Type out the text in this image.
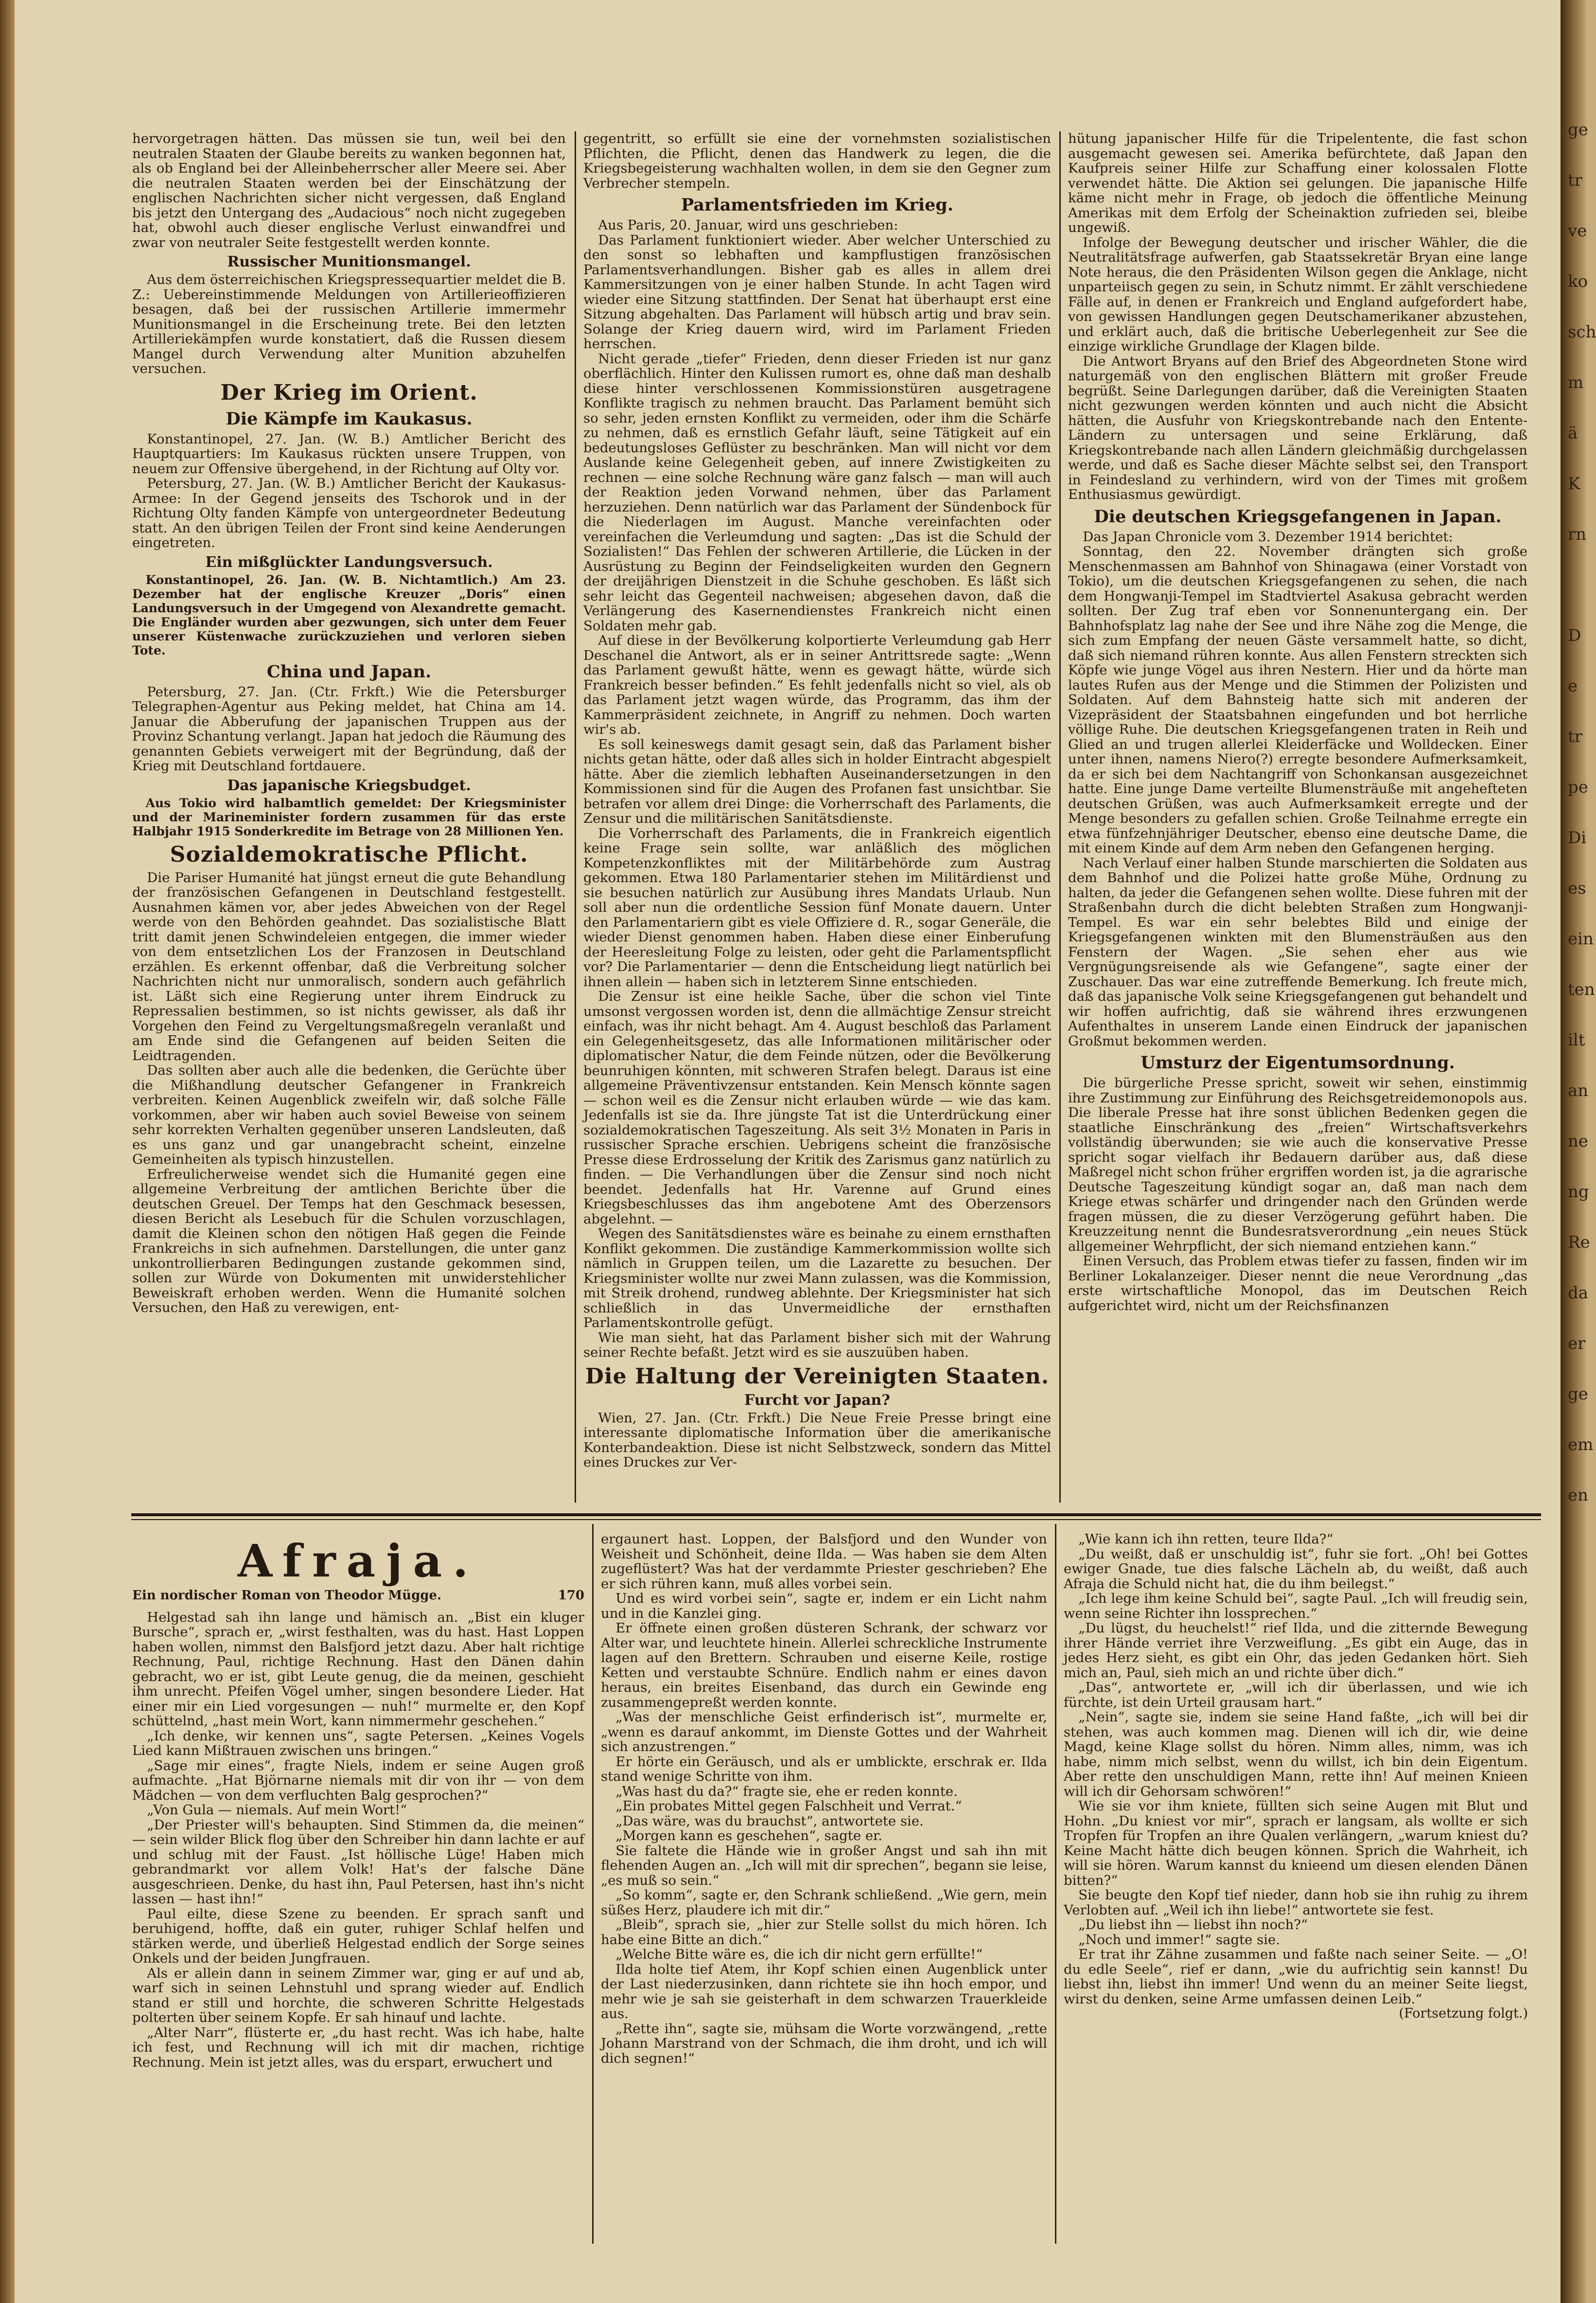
ge
tr
ve
ko
sch
m
ä
K
rn
D
e
tr
pe
Di
es
ein
ten
ilt
an
ne
ng
Re
da
er
ge
em
en

hervorgetragen hätten. Das müssen sie tun, weil bei den neutralen Staaten der Glaube bereits zu wanken begonnen hat, als ob England bei der Alleinbeherrscher aller Meere sei. Aber die neutralen Staaten werden bei der Einschätzung der englischen Nachrichten sicher nicht vergessen, daß England bis jetzt den Untergang des „Audacious“ noch nicht zugegeben hat, obwohl auch dieser englische Verlust einwandfrei und zwar von neutraler Seite festgestellt werden konnte.

Russischer Munitionsmangel.

Aus dem österreichischen Kriegspressequartier meldet die B. Z.: Uebereinstimmende Meldungen von Artillerieoffizieren besagen, daß bei der russischen Artillerie immermehr Munitionsmangel in die Erscheinung trete. Bei den letzten Artilleriekämpfen wurde konstatiert, daß die Russen diesem Mangel durch Verwendung alter Munition abzuhelfen versuchen.

Der Krieg im Orient.
Die Kämpfe im Kaukasus.

Konstantinopel, 27. Jan. (W. B.) Amtlicher Bericht des Hauptquartiers: Im Kaukasus rückten unsere Truppen, von neuem zur Offensive übergehend, in der Richtung auf Olty vor.

Petersburg, 27. Jan. (W. B.) Amtlicher Bericht der Kaukasus-Armee: In der Gegend jenseits des Tschorok und in der Richtung Olty fanden Kämpfe von untergeordneter Bedeutung statt. An den übrigen Teilen der Front sind keine Aenderungen eingetreten.

Ein mißglückter Landungsversuch.

Konstantinopel, 26. Jan. (W. B. Nichtamtlich.) Am 23. Dezember hat der englische Kreuzer „Doris“ einen Landungsversuch in der Umgegend von Alexandrette gemacht. Die Engländer wurden aber gezwungen, sich unter dem Feuer unserer Küstenwache zurückzuziehen und verloren sieben Tote.

China und Japan.

Petersburg, 27. Jan. (Ctr. Frkft.) Wie die Petersburger Telegraphen-Agentur aus Peking meldet, hat China am 14. Januar die Abberufung der japanischen Truppen aus der Provinz Schantung verlangt. Japan hat jedoch die Räumung des genannten Gebiets verweigert mit der Begründung, daß der Krieg mit Deutschland fortdauere.

Das japanische Kriegsbudget.

Aus Tokio wird halbamtlich gemeldet: Der Kriegsminister und der Marineminister fordern zusammen für das erste Halbjahr 1915 Sonderkredite im Betrage von 28 Millionen Yen.

Sozialdemokratische Pflicht.

Die Pariser Humanité hat jüngst erneut die gute Behandlung der französischen Gefangenen in Deutschland festgestellt. Ausnahmen kämen vor, aber jedes Abweichen von der Regel werde von den Behörden geahndet. Das sozialistische Blatt tritt damit jenen Schwindeleien entgegen, die immer wieder von dem entsetzlichen Los der Franzosen in Deutschland erzählen. Es erkennt offenbar, daß die Verbreitung solcher Nachrichten nicht nur unmoralisch, sondern auch gefährlich ist. Läßt sich eine Regierung unter ihrem Eindruck zu Repressalien bestimmen, so ist nichts gewisser, als daß ihr Vorgehen den Feind zu Vergeltungsmaßregeln veranlaßt und am Ende sind die Gefangenen auf beiden Seiten die Leidtragenden.

Das sollten aber auch alle die bedenken, die Gerüchte über die Mißhandlung deutscher Gefangener in Frankreich verbreiten. Keinen Augenblick zweifeln wir, daß solche Fälle vorkommen, aber wir haben auch soviel Beweise von seinem sehr korrekten Verhalten gegenüber unseren Landsleuten, daß es uns ganz und gar unangebracht scheint, einzelne Gemeinheiten als typisch hinzustellen.

Erfreulicherweise wendet sich die Humanité gegen eine allgemeine Verbreitung der amtlichen Berichte über die deutschen Greuel. Der Temps hat den Geschmack besessen, diesen Bericht als Lesebuch für die Schulen vorzuschlagen, damit die Kleinen schon den nötigen Haß gegen die Feinde Frankreichs in sich aufnehmen. Darstellungen, die unter ganz unkontrollierbaren Bedingungen zustande gekommen sind, sollen zur Würde von Dokumenten mit unwiderstehlicher Beweiskraft erhoben werden. Wenn die Humanité solchen Versuchen, den Haß zu verewigen, ent-

gegentritt, so erfüllt sie eine der vornehmsten sozialistischen Pflichten, die Pflicht, denen das Handwerk zu legen, die die Kriegsbegeisterung wachhalten wollen, in dem sie den Gegner zum Verbrecher stempeln.

Parlamentsfrieden im Krieg.

Aus Paris, 20. Januar, wird uns geschrieben:

Das Parlament funktioniert wieder. Aber welcher Unterschied zu den sonst so lebhaften und kampflustigen französischen Parlamentsverhandlungen. Bisher gab es alles in allem drei Kammersitzungen von je einer halben Stunde. In acht Tagen wird wieder eine Sitzung stattfinden. Der Senat hat überhaupt erst eine Sitzung abgehalten. Das Parlament will hübsch artig und brav sein. Solange der Krieg dauern wird, wird im Parlament Frieden herrschen.

Nicht gerade „tiefer“ Frieden, denn dieser Frieden ist nur ganz oberflächlich. Hinter den Kulissen rumort es, ohne daß man deshalb diese hinter verschlossenen Kommissionstüren ausgetragene Konflikte tragisch zu nehmen braucht. Das Parlament bemüht sich so sehr, jeden ernsten Konflikt zu vermeiden, oder ihm die Schärfe zu nehmen, daß es ernstlich Gefahr läuft, seine Tätigkeit auf ein bedeutungsloses Geflüster zu beschränken. Man will nicht vor dem Auslande keine Gelegenheit geben, auf innere Zwistigkeiten zu rechnen — eine solche Rechnung wäre ganz falsch — man will auch der Reaktion jeden Vorwand nehmen, über das Parlament herzuziehen. Denn natürlich war das Parlament der Sündenbock für die Niederlagen im August. Manche vereinfachten oder vereinfachen die Verleumdung und sagten: „Das ist die Schuld der Sozialisten!“ Das Fehlen der schweren Artillerie, die Lücken in der Ausrüstung zu Beginn der Feindseligkeiten wurden den Gegnern der dreijährigen Dienstzeit in die Schuhe geschoben. Es läßt sich sehr leicht das Gegenteil nachweisen; abgesehen davon, daß die Verlängerung des Kasernendienstes Frankreich nicht einen Soldaten mehr gab.

Auf diese in der Bevölkerung kolportierte Verleumdung gab Herr Deschanel die Antwort, als er in seiner Antrittsrede sagte: „Wenn das Parlament gewußt hätte, wenn es gewagt hätte, würde sich Frankreich besser befinden.“ Es fehlt jedenfalls nicht so viel, als ob das Parlament jetzt wagen würde, das Programm, das ihm der Kammerpräsident zeichnete, in Angriff zu nehmen. Doch warten wir's ab.

Es soll keineswegs damit gesagt sein, daß das Parlament bisher nichts getan hätte, oder daß alles sich in holder Eintracht abgespielt hätte. Aber die ziemlich lebhaften Auseinandersetzungen in den Kommissionen sind für die Augen des Profanen fast unsichtbar. Sie betrafen vor allem drei Dinge: die Vorherrschaft des Parlaments, die Zensur und die militärischen Sanitätsdienste.

Die Vorherrschaft des Parlaments, die in Frankreich eigentlich keine Frage sein sollte, war anläßlich des möglichen Kompetenzkonfliktes mit der Militärbehörde zum Austrag gekommen. Etwa 180 Parlamentarier stehen im Militärdienst und sie besuchen natürlich zur Ausübung ihres Mandats Urlaub. Nun soll aber nun die ordentliche Session fünf Monate dauern. Unter den Parlamentariern gibt es viele Offiziere d. R., sogar Generäle, die wieder Dienst genommen haben. Haben diese einer Einberufung der Heeresleitung Folge zu leisten, oder geht die Parlamentspflicht vor? Die Parlamentarier — denn die Entscheidung liegt natürlich bei ihnen allein — haben sich in letzterem Sinne entschieden.

Die Zensur ist eine heikle Sache, über die schon viel Tinte umsonst vergossen worden ist, denn die allmächtige Zensur streicht einfach, was ihr nicht behagt. Am 4. August beschloß das Parlament ein Gelegenheitsgesetz, das alle Informationen militärischer oder diplomatischer Natur, die dem Feinde nützen, oder die Bevölkerung beunruhigen könnten, mit schweren Strafen belegt. Daraus ist eine allgemeine Präventivzensur entstanden. Kein Mensch könnte sagen — schon weil es die Zensur nicht erlauben würde — wie das kam. Jedenfalls ist sie da. Ihre jüngste Tat ist die Unterdrückung einer sozialdemokratischen Tageszeitung. Als seit 3½ Monaten in Paris in russischer Sprache erschien. Uebrigens scheint die französische Presse diese Erdrosselung der Kritik des Zarismus ganz natürlich zu finden. — Die Verhandlungen über die Zensur sind noch nicht beendet. Jedenfalls hat Hr. Varenne auf Grund eines Kriegsbeschlusses das ihm angebotene Amt des Oberzensors abgelehnt. —

Wegen des Sanitätsdienstes wäre es beinahe zu einem ernsthaften Konflikt gekommen. Die zuständige Kammerkommission wollte sich nämlich in Gruppen teilen, um die Lazarette zu besuchen. Der Kriegsminister wollte nur zwei Mann zulassen, was die Kommission, mit Streik drohend, rundweg ablehnte. Der Kriegsminister hat sich schließlich in das Unvermeidliche der ernsthaften Parlamentskontrolle gefügt.

Wie man sieht, hat das Parlament bisher sich mit der Wahrung seiner Rechte befaßt. Jetzt wird es sie auszuüben haben.

Die Haltung der Vereinigten Staaten.
Furcht vor Japan?

Wien, 27. Jan. (Ctr. Frkft.) Die Neue Freie Presse bringt eine interessante diplomatische Information über die amerikanische Konterbandeaktion. Diese ist nicht Selbstzweck, sondern das Mittel eines Druckes zur Ver-

hütung japanischer Hilfe für die Tripelentente, die fast schon ausgemacht gewesen sei. Amerika befürchtete, daß Japan den Kaufpreis seiner Hilfe zur Schaffung einer kolossalen Flotte verwendet hätte. Die Aktion sei gelungen. Die japanische Hilfe käme nicht mehr in Frage, ob jedoch die öffentliche Meinung Amerikas mit dem Erfolg der Scheinaktion zufrieden sei, bleibe ungewiß.

Infolge der Bewegung deutscher und irischer Wähler, die die Neutralitätsfrage aufwerfen, gab Staatssekretär Bryan eine lange Note heraus, die den Präsidenten Wilson gegen die Anklage, nicht unparteiisch gegen zu sein, in Schutz nimmt. Er zählt verschiedene Fälle auf, in denen er Frankreich und England aufgefordert habe, von gewissen Handlungen gegen Deutschamerikaner abzustehen, und erklärt auch, daß die britische Ueberlegenheit zur See die einzige wirkliche Grundlage der Klagen bilde.

Die Antwort Bryans auf den Brief des Abgeordneten Stone wird naturgemäß von den englischen Blättern mit großer Freude begrüßt. Seine Darlegungen darüber, daß die Vereinigten Staaten nicht gezwungen werden könnten und auch nicht die Absicht hätten, die Ausfuhr von Kriegskontrebande nach den Entente-Ländern zu untersagen und seine Erklärung, daß Kriegskontrebande nach allen Ländern gleichmäßig durchgelassen werde, und daß es Sache dieser Mächte selbst sei, den Transport in Feindesland zu verhindern, wird von der Times mit großem Enthusiasmus gewürdigt.

Die deutschen Kriegsgefangenen in Japan.

Das Japan Chronicle vom 3. Dezember 1914 berichtet:

Sonntag, den 22. November drängten sich große Menschenmassen am Bahnhof von Shinagawa (einer Vorstadt von Tokio), um die deutschen Kriegsgefangenen zu sehen, die nach dem Hongwanji-Tempel im Stadtviertel Asakusa gebracht werden sollten. Der Zug traf eben vor Sonnenuntergang ein. Der Bahnhofsplatz lag nahe der See und ihre Nähe zog die Menge, die sich zum Empfang der neuen Gäste versammelt hatte, so dicht, daß sich niemand rühren konnte. Aus allen Fenstern streckten sich Köpfe wie junge Vögel aus ihren Nestern. Hier und da hörte man lautes Rufen aus der Menge und die Stimmen der Polizisten und Soldaten. Auf dem Bahnsteig hatte sich mit anderen der Vizepräsident der Staatsbahnen eingefunden und bot herrliche völlige Ruhe. Die deutschen Kriegsgefangenen traten in Reih und Glied an und trugen allerlei Kleiderfäcke und Wolldecken. Einer unter ihnen, namens Niero(?) erregte besondere Aufmerksamkeit, da er sich bei dem Nachtangriff von Schonkansan ausgezeichnet hatte. Eine junge Dame verteilte Blumensträuße mit angehefteten deutschen Grüßen, was auch Aufmerksamkeit erregte und der Menge besonders zu gefallen schien. Große Teilnahme erregte ein etwa fünfzehnjähriger Deutscher, ebenso eine deutsche Dame, die mit einem Kinde auf dem Arm neben den Gefangenen herging.

Nach Verlauf einer halben Stunde marschierten die Soldaten aus dem Bahnhof und die Polizei hatte große Mühe, Ordnung zu halten, da jeder die Gefangenen sehen wollte. Diese fuhren mit der Straßenbahn durch die dicht belebten Straßen zum Hongwanji-Tempel. Es war ein sehr belebtes Bild und einige der Kriegsgefangenen winkten mit den Blumensträußen aus den Fenstern der Wagen. „Sie sehen eher aus wie Vergnügungsreisende als wie Gefangene“, sagte einer der Zuschauer. Das war eine zutreffende Bemerkung. Ich freute mich, daß das japanische Volk seine Kriegsgefangenen gut behandelt und wir hoffen aufrichtig, daß sie während ihres erzwungenen Aufenthaltes in unserem Lande einen Eindruck der japanischen Großmut bekommen werden.

Umsturz der Eigentumsordnung.

Die bürgerliche Presse spricht, soweit wir sehen, einstimmig ihre Zustimmung zur Einführung des Reichsgetreidemonopols aus. Die liberale Presse hat ihre sonst üblichen Bedenken gegen die staatliche Einschränkung des „freien“ Wirtschaftsverkehrs vollständig überwunden; sie wie auch die konservative Presse spricht sogar vielfach ihr Bedauern darüber aus, daß diese Maßregel nicht schon früher ergriffen worden ist, ja die agrarische Deutsche Tageszeitung kündigt sogar an, daß man nach dem Kriege etwas schärfer und dringender nach den Gründen werde fragen müssen, die zu dieser Verzögerung geführt haben. Die Kreuzzeitung nennt die Bundesratsverordnung „ein neues Stück allgemeiner Wehrpflicht, der sich niemand entziehen kann.“

Einen Versuch, das Problem etwas tiefer zu fassen, finden wir im Berliner Lokalanzeiger. Dieser nennt die neue Verordnung „das erste wirtschaftliche Monopol, das im Deutschen Reich aufgerichtet wird, nicht um der Reichsfinanzen

Afraja.
Ein nordischer Roman von Theodor Mügge.	170

Helgestad sah ihn lange und hämisch an. „Bist ein kluger Bursche“, sprach er, „wirst festhalten, was du hast. Hast Loppen haben wollen, nimmst den Balsfjord jetzt dazu. Aber halt richtige Rechnung, Paul, richtige Rechnung. Hast den Dänen dahin gebracht, wo er ist, gibt Leute genug, die da meinen, geschieht ihm unrecht. Pfeifen Vögel umher, singen besondere Lieder. Hat einer mir ein Lied vorgesungen — nuh!“ murmelte er, den Kopf schüttelnd, „hast mein Wort, kann nimmermehr geschehen.“

„Ich denke, wir kennen uns“, sagte Petersen. „Keines Vogels Lied kann Mißtrauen zwischen uns bringen.“

„Sage mir eines“, fragte Niels, indem er seine Augen groß aufmachte. „Hat Björnarne niemals mit dir von ihr — von dem Mädchen — von dem verfluchten Balg gesprochen?“

„Von Gula — niemals. Auf mein Wort!“

„Der Priester will's behaupten. Sind Stimmen da, die meinen“ — sein wilder Blick flog über den Schreiber hin dann lachte er auf und schlug mit der Faust. „Ist höllische Lüge! Haben mich gebrandmarkt vor allem Volk! Hat's der falsche Däne ausgeschrieen. Denke, du hast ihn, Paul Petersen, hast ihn's nicht lassen — hast ihn!“

Paul eilte, diese Szene zu beenden. Er sprach sanft und beruhigend, hoffte, daß ein guter, ruhiger Schlaf helfen und stärken werde, und überließ Helgestad endlich der Sorge seines Onkels und der beiden Jungfrauen.

Als er allein dann in seinem Zimmer war, ging er auf und ab, warf sich in seinen Lehnstuhl und sprang wieder auf. Endlich stand er still und horchte, die schweren Schritte Helgestads polterten über seinem Kopfe. Er sah hinauf und lachte.

„Alter Narr“, flüsterte er, „du hast recht. Was ich habe, halte ich fest, und Rechnung will ich mit dir machen, richtige Rechnung. Mein ist jetzt alles, was du erspart, erwuchert und

ergaunert hast. Loppen, der Balsfjord und den Wunder von Weisheit und Schönheit, deine Ilda. — Was haben sie dem Alten zugeflüstert? Was hat der verdammte Priester geschrieben? Ehe er sich rühren kann, muß alles vorbei sein.

Und es wird vorbei sein“, sagte er, indem er ein Licht nahm und in die Kanzlei ging.

Er öffnete einen großen düsteren Schrank, der schwarz vor Alter war, und leuchtete hinein. Allerlei schreckliche Instrumente lagen auf den Brettern. Schrauben und eiserne Keile, rostige Ketten und verstaubte Schnüre. Endlich nahm er eines davon heraus, ein breites Eisenband, das durch ein Gewinde eng zusammengepreßt werden konnte.

„Was der menschliche Geist erfinderisch ist“, murmelte er, „wenn es darauf ankommt, im Dienste Gottes und der Wahrheit sich anzustrengen.“

Er hörte ein Geräusch, und als er umblickte, erschrak er. Ilda stand wenige Schritte von ihm.

„Was hast du da?“ fragte sie, ehe er reden konnte.

„Ein probates Mittel gegen Falschheit und Verrat.“

„Das wäre, was du brauchst“, antwortete sie.

„Morgen kann es geschehen“, sagte er.

Sie faltete die Hände wie in großer Angst und sah ihn mit flehenden Augen an. „Ich will mit dir sprechen“, begann sie leise, „es muß so sein.“

„So komm“, sagte er, den Schrank schließend. „Wie gern, mein süßes Herz, plaudere ich mit dir.“

„Bleib“, sprach sie, „hier zur Stelle sollst du mich hören. Ich habe eine Bitte an dich.“

„Welche Bitte wäre es, die ich dir nicht gern erfüllte!“

Ilda holte tief Atem, ihr Kopf schien einen Augenblick unter der Last niederzusinken, dann richtete sie ihn hoch empor, und mehr wie je sah sie geisterhaft in dem schwarzen Trauerkleide aus.

„Rette ihn“, sagte sie, mühsam die Worte vorzwängend, „rette Johann Marstrand von der Schmach, die ihm droht, und ich will dich segnen!“

„Wie kann ich ihn retten, teure Ilda?“

„Du weißt, daß er unschuldig ist“, fuhr sie fort. „Oh! bei Gottes ewiger Gnade, tue dies falsche Lächeln ab, du weißt, daß auch Afraja die Schuld nicht hat, die du ihm beilegst.“

„Ich lege ihm keine Schuld bei“, sagte Paul. „Ich will freudig sein, wenn seine Richter ihn lossprechen.“

„Du lügst, du heuchelst!“ rief Ilda, und die zitternde Bewegung ihrer Hände verriet ihre Verzweiflung. „Es gibt ein Auge, das in jedes Herz sieht, es gibt ein Ohr, das jeden Gedanken hört. Sieh mich an, Paul, sieh mich an und richte über dich.“

„Das“, antwortete er, „will ich dir überlassen, und wie ich fürchte, ist dein Urteil grausam hart.“

„Nein“, sagte sie, indem sie seine Hand faßte, „ich will bei dir stehen, was auch kommen mag. Dienen will ich dir, wie deine Magd, keine Klage sollst du hören. Nimm alles, nimm, was ich habe, nimm mich selbst, wenn du willst, ich bin dein Eigentum. Aber rette den unschuldigen Mann, rette ihn! Auf meinen Knieen will ich dir Gehorsam schwören!“

Wie sie vor ihm kniete, füllten sich seine Augen mit Blut und Hohn. „Du kniest vor mir“, sprach er langsam, als wollte er sich Tropfen für Tropfen an ihre Qualen verlängern, „warum kniest du? Keine Macht hätte dich beugen können. Sprich die Wahrheit, ich will sie hören. Warum kannst du knieend um diesen elenden Dänen bitten?“

Sie beugte den Kopf tief nieder, dann hob sie ihn ruhig zu ihrem Verlobten auf. „Weil ich ihn liebe!“ antwortete sie fest.

„Du liebst ihn — liebst ihn noch?“

„Noch und immer!“ sagte sie.

Er trat ihr Zähne zusammen und faßte nach seiner Seite. — „O! du edle Seele“, rief er dann, „wie du aufrichtig sein kannst! Du liebst ihn, liebst ihn immer! Und wenn du an meiner Seite liegst, wirst du denken, seine Arme umfassen deinen Leib.“

(Fortsetzung folgt.)
